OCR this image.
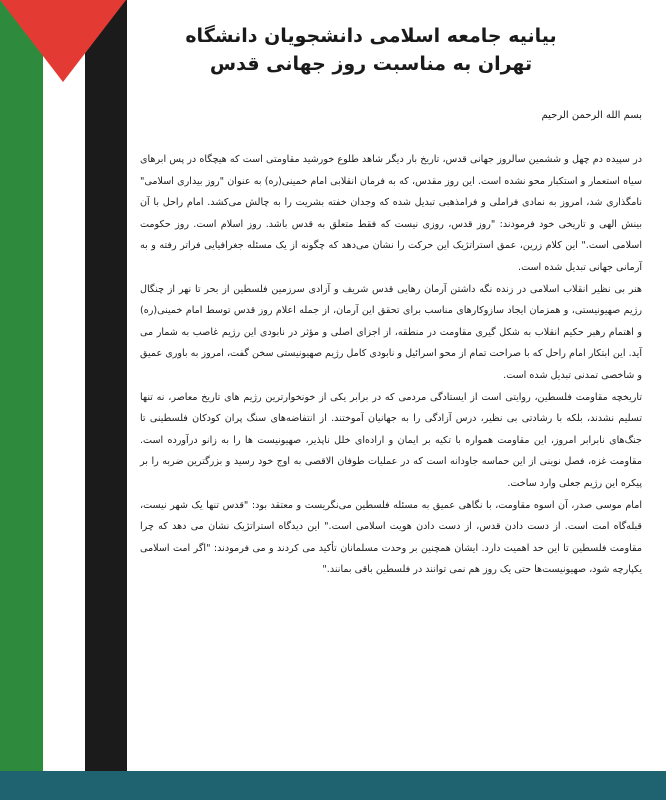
بیانیه جامعه اسلامی دانشجویان دانشگاه تهران به مناسبت روز جهانی قدس
بسم الله الرحمن الرحیم

در سپیده دم چهل و ششمین سالروز جهانی قدس، تاریخ بار دیگر شاهد طلوع خورشید مقاومتی است که هیچگاه در پس ابرهای سیاه استعمار و استکبار محو نشده است. این روز مقدس، که به فرمان انقلابی امام خمینی(ره) به عنوان "روز بیداری اسلامی" نامگذاری شد، امروز به نمادی فراملی و فرامذهبی تبدیل شده که وجدان خفته بشریت را به چالش می‌کشد. امام راحل با آن بینش الهی و تاریخی خود فرمودند: "روز قدس، روزی نیست که فقط متعلق به قدس باشد. روز اسلام است. روز حکومت اسلامی است." این کلام زرین، عمق استراتژیک این حرکت را نشان می‌دهد که چگونه از یک مسئله جغرافیایی فراتر رفته و به آرمانی جهانی تبدیل شده است.

هنر بی نظیر انقلاب اسلامی در زنده نگه داشتن آرمان رهایی قدس شریف و آزادی سرزمین فلسطین از بحر تا نهر از چنگال رژیم صهیونیستی، و همزمان ایجاد سازوکارهای مناسب برای تحقق این آرمان، از جمله اعلام روز قدس توسط امام خمینی(ره) و اهتمام رهبر حکیم انقلاب به شکل گیری مقاومت در منطقه، از اجزای اصلی و مؤثر در نابودی این رژیم غاصب به شمار می آید. این ابتکار امام راحل که با صراحت تمام از محو اسرائیل و نابودی کامل رژیم صهیونیستی سخن گفت، امروز به باوری عمیق و شاخصی تمدنی تبدیل شده است.

تاریخچه مقاومت فلسطین، روایتی است از ایستادگی مردمی که در برابر یکی از خونخوارترین رژیم های تاریخ معاصر، نه تنها تسلیم نشدند، بلکه با رشادتی بی نظیر، درس آزادگی را به جهانیان آموختند. از انتفاضه‌های سنگ پران کودکان فلسطینی تا جنگ‌های نابرابر امروز، این مقاومت همواره با تکیه بر ایمان و اراده‌ای خلل ناپذیر، صهیونیست ها را به زانو درآورده است. مقاومت غزه، فصل نوینی از این حماسه جاودانه است که در عملیات طوفان الاقصی به اوج خود رسید و بزرگترین ضربه را بر پیکره این رژیم جعلی وارد ساخت.

امام موسی صدر، آن اسوه مقاومت، با نگاهی عمیق به مسئله فلسطین می‌نگریست و معتقد بود: "قدس تنها یک شهر نیست، قبله‌گاه امت است. از دست دادن قدس، از دست دادن هویت اسلامی است." این دیدگاه استراتژیک نشان می دهد که چرا مقاومت فلسطین تا این حد اهمیت دارد. ایشان همچنین بر وحدت مسلمانان تأکید می کردند و می فرمودند: "اگر امت اسلامی یکپارچه شود، صهیونیست‌ها حتی یک روز هم نمی توانند در فلسطین باقی بمانند."
